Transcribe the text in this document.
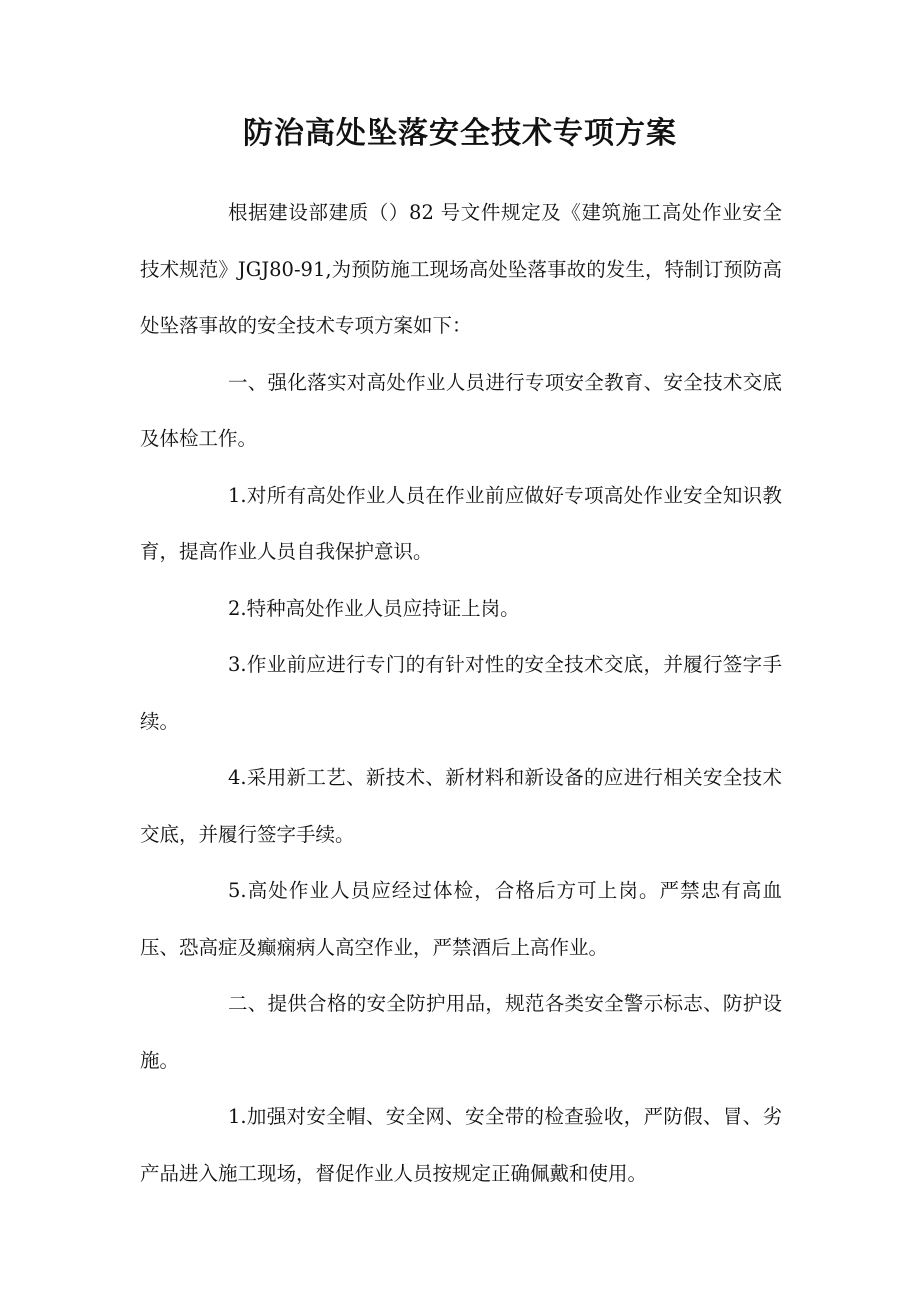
防治高处坠落安全技术专项方案

根据建设部建质（）82 号文件规定及《建筑施工高处作业安全技术规范》JGJ80-91,为预防施工现场高处坠落事故的发生，特制订预防高处坠落事故的安全技术专项方案如下：

一、强化落实对高处作业人员进行专项安全教育、安全技术交底及体检工作。

1.对所有高处作业人员在作业前应做好专项高处作业安全知识教育，提高作业人员自我保护意识。

2.特种高处作业人员应持证上岗。

3.作业前应进行专门的有针对性的安全技术交底，并履行签字手续。

4.采用新工艺、新技术、新材料和新设备的应进行相关安全技术交底，并履行签字手续。

5.高处作业人员应经过体检，合格后方可上岗。严禁忠有高血压、恐高症及癫痫病人高空作业，严禁酒后上高作业。

二、提供合格的安全防护用品，规范各类安全警示标志、防护设施。

1.加强对安全帽、安全网、安全带的检查验收，严防假、冒、劣产品进入施工现场，督促作业人员按规定正确佩戴和使用。
